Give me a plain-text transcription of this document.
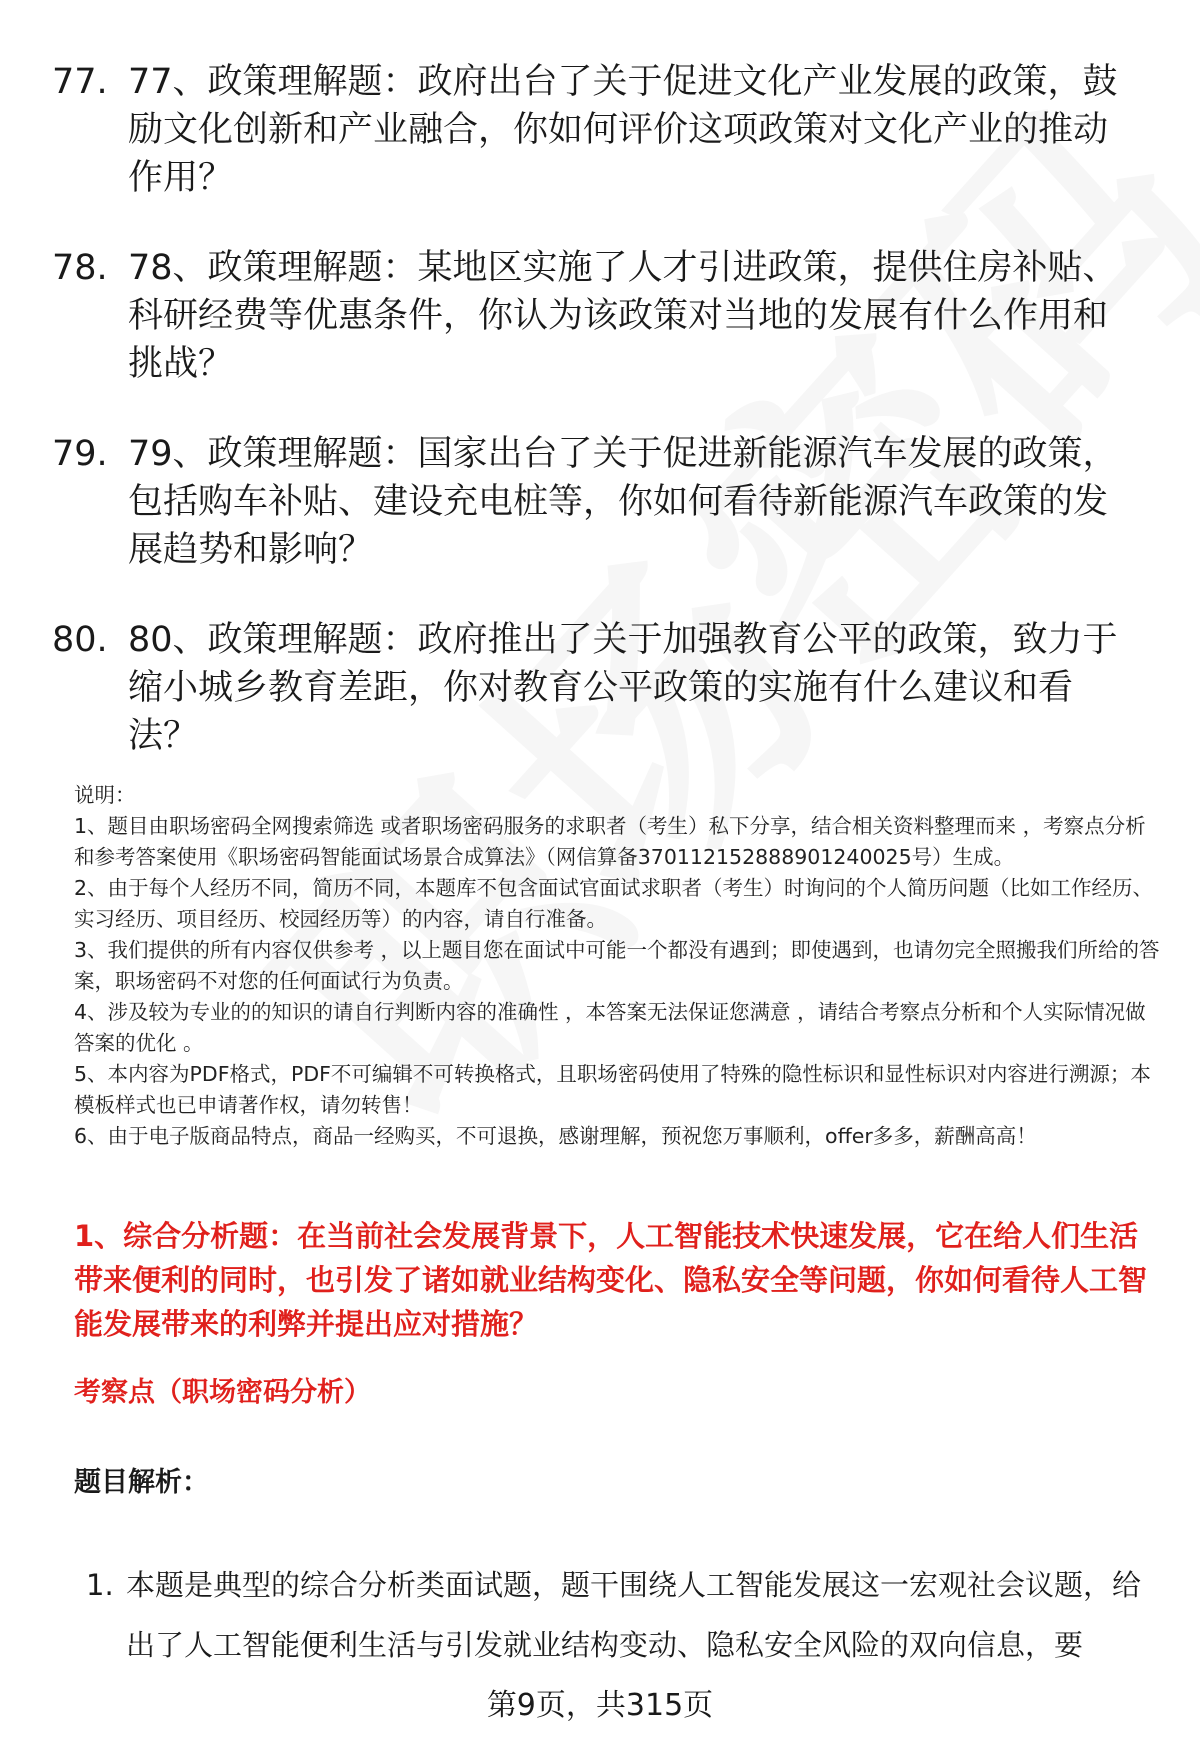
77. 77、政策理解题：政府出台了关于促进文化产业发展的政策，鼓励文化创新和产业融合，你如何评价这项政策对文化产业的推动作用？
78. 78、政策理解题：某地区实施了人才引进政策，提供住房补贴、科研经费等优惠条件，你认为该政策对当地的发展有什么作用和挑战？
79. 79、政策理解题：国家出台了关于促进新能源汽车发展的政策，包括购车补贴、建设充电桩等，你如何看待新能源汽车政策的发展趋势和影响？
80. 80、政策理解题：政府推出了关于加强教育公平的政策，致力于缩小城乡教育差距，你对教育公平政策的实施有什么建议和看法？

说明：

1、题目由职场密码全网搜索筛选 或者职场密码服务的求职者（考生）私下分享，结合相关资料整理而来 ，考察点分析和参考答案使用《职场密码智能面试场景合成算法》（网信算备370112152888901240025号）生成。

2、由于每个人经历不同，简历不同，本题库不包含面试官面试求职者（考生）时询问的个人简历问题（比如工作经历、实习经历、项目经历、校园经历等）的内容，请自行准备。

3、我们提供的所有内容仅供参考 ，以上题目您在面试中可能一个都没有遇到；即使遇到，也请勿完全照搬我们所给的答案，职场密码不对您的任何面试行为负责。

4、涉及较为专业的的知识的请自行判断内容的准确性 ，本答案无法保证您满意 ，请结合考察点分析和个人实际情况做答案的优化 。

5、本内容为PDF格式，PDF不可编辑不可转换格式，且职场密码使用了特殊的隐性标识和显性标识对内容进行溯源；本模板样式也已申请著作权，请勿转售！

6、由于电子版商品特点，商品一经购买，不可退换，感谢理解，预祝您万事顺利，offer多多，薪酬高高！

1、综合分析题：在当前社会发展背景下，人工智能技术快速发展，它在给人们生活带来便利的同时，也引发了诸如就业结构变化、隐私安全等问题，你如何看待人工智能发展带来的利弊并提出应对措施？
考察点（职场密码分析）
题目解析：
1. 本题是典型的综合分析类面试题，题干围绕人工智能发展这一宏观社会议题，给出了人工智能便利生活与引发就业结构变动、隐私安全风险的双向信息，要
第9页，共315页
